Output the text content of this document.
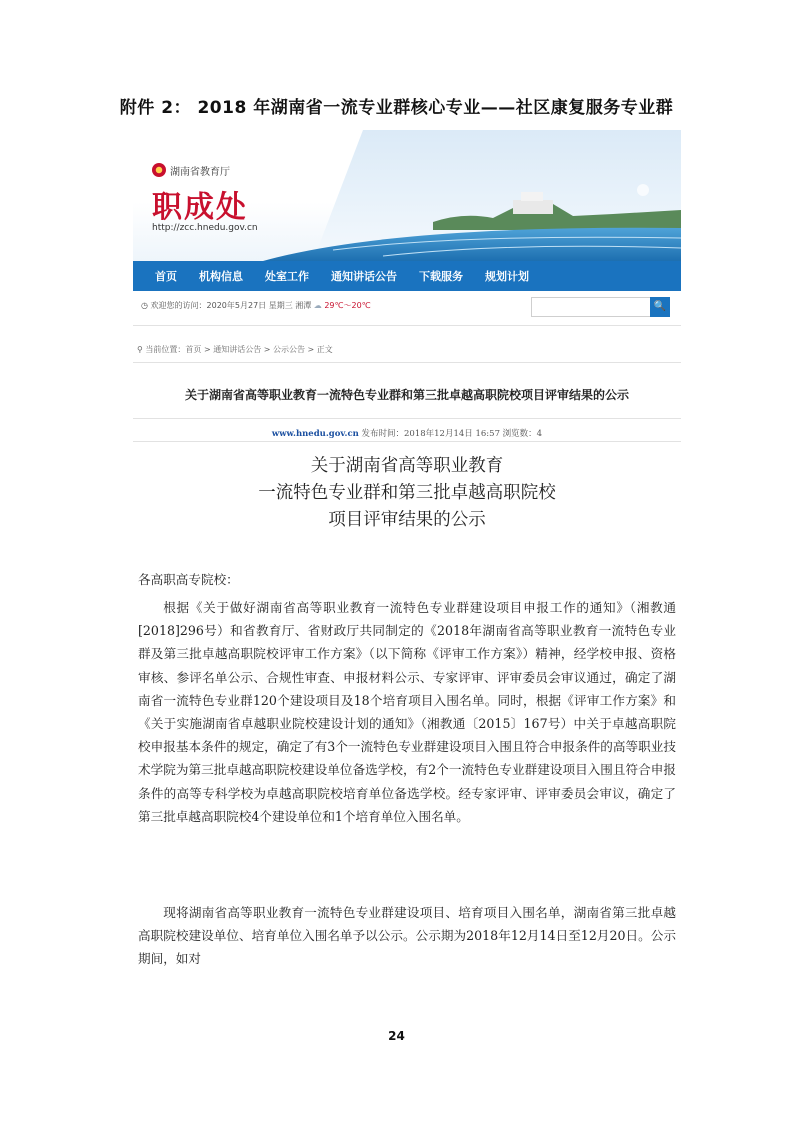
附件 2： 2018 年湖南省一流专业群核心专业——社区康复服务专业群
湖南省教育厅
职成处
http://zcc.hnedu.gov.cn
首页 机构信息 处室工作 通知讲话公告 下载服务 规划计划
◷ 欢迎您的访问：2020年5月27日 星期三 湘潭 ☁ 29℃～20℃	🔍
⚲ 当前位置：首页 > 通知讲话公告 > 公示公告 > 正文
关于湖南省高等职业教育一流特色专业群和第三批卓越高职院校项目评审结果的公示
www.hnedu.gov.cn 发布时间：2018年12月14日 16:57 浏览数：4
关于湖南省高等职业教育
一流特色专业群和第三批卓越高职院校
项目评审结果的公示
各高职高专院校：
根据《关于做好湖南省高等职业教育一流特色专业群建设项目申报工作的通知》（湘教通[2018]296号）和省教育厅、省财政厅共同制定的《2018年湖南省高等职业教育一流特色专业群及第三批卓越高职院校评审工作方案》（以下简称《评审工作方案》）精神，经学校申报、资格审核、参评名单公示、合规性审查、申报材料公示、专家评审、评审委员会审议通过，确定了湖南省一流特色专业群120个建设项目及18个培育项目入围名单。同时，根据《评审工作方案》和《关于实施湖南省卓越职业院校建设计划的通知》（湘教通〔2015〕167号）中关于卓越高职院校申报基本条件的规定，确定了有3个一流特色专业群建设项目入围且符合申报条件的高等职业技术学院为第三批卓越高职院校建设单位备选学校，有2个一流特色专业群建设项目入围且符合申报条件的高等专科学校为卓越高职院校培育单位备选学校。经专家评审、评审委员会审议，确定了第三批卓越高职院校4个建设单位和1个培育单位入围名单。
现将湖南省高等职业教育一流特色专业群建设项目、培育项目入围名单，湖南省第三批卓越高职院校建设单位、培育单位入围名单予以公示。公示期为2018年12月14日至12月20日。公示期间，如对
24
